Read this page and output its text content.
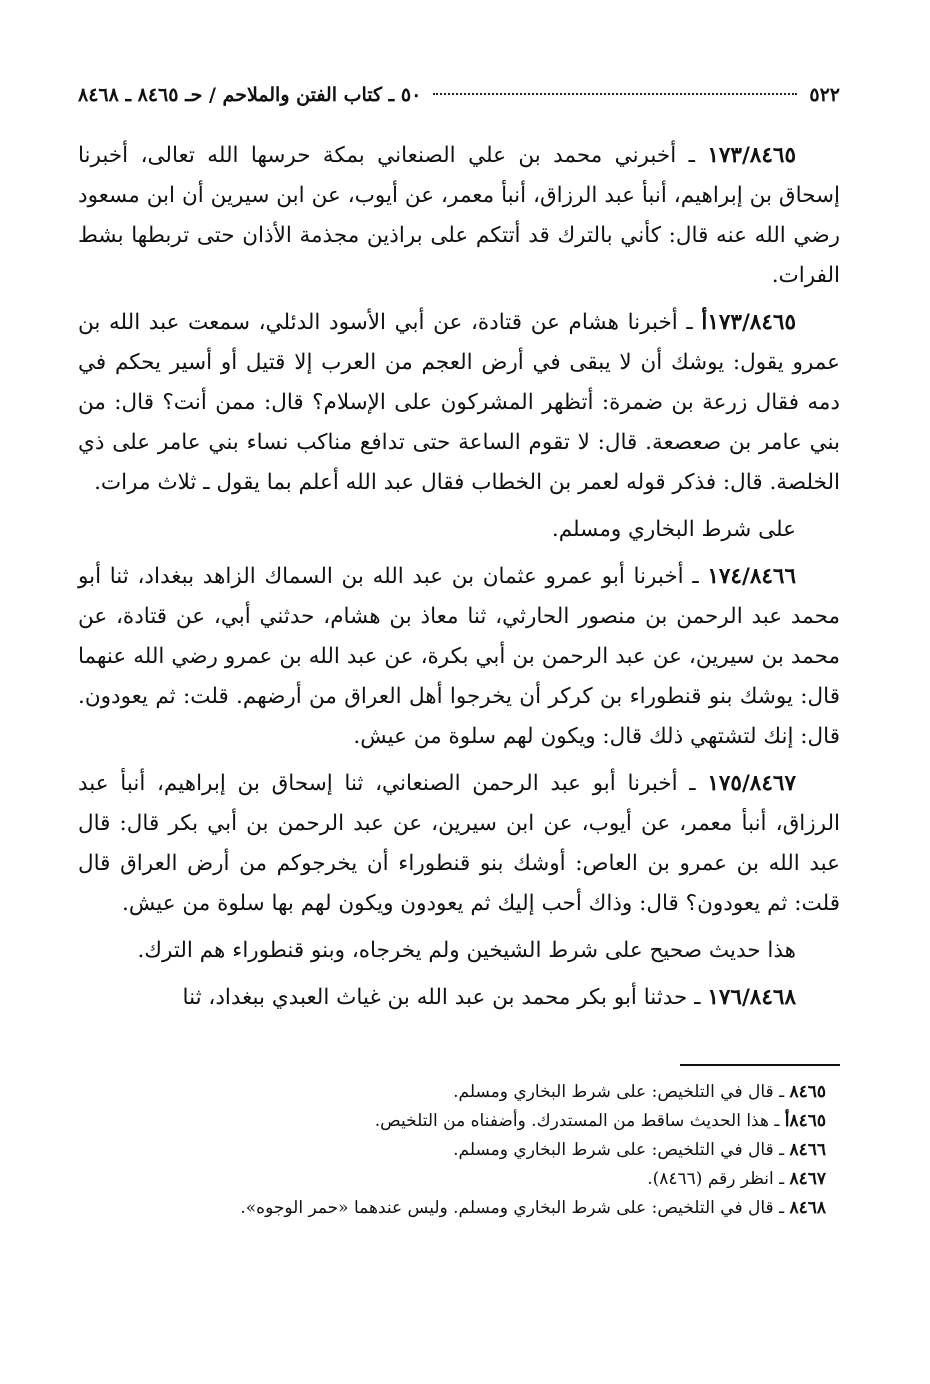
٥٢٢
٥٠ ـ كتاب الفتن والملاحم / حـ ٨٤٦٥ ـ ٨٤٦٨

١٧٣/٨٤٦٥ ـ أخبرني محمد بن علي الصنعاني بمكة حرسها الله تعالى، أخبرنا إسحاق بن إبراهيم، أنبأ عبد الرزاق، أنبأ معمر، عن أيوب، عن ابن سيرين أن ابن مسعود رضي الله عنه قال: كأني بالترك قد أتتكم على براذين مجذمة الأذان حتى تربطها بشط الفرات.

١٧٣/٨٤٦٥أ ـ أخبرنا هشام عن قتادة، عن أبي الأسود الدئلي، سمعت عبد الله بن عمرو يقول: يوشك أن لا يبقى في أرض العجم من العرب إلا قتيل أو أسير يحكم في دمه فقال زرعة بن ضمرة: أتظهر المشركون على الإسلام؟ قال: ممن أنت؟ قال: من بني عامر بن صعصعة. قال: لا تقوم الساعة حتى تدافع مناكب نساء بني عامر على ذي الخلصة. قال: فذكر قوله لعمر بن الخطاب فقال عبد الله أعلم بما يقول ـ ثلاث مرات.

على شرط البخاري ومسلم.

١٧٤/٨٤٦٦ ـ أخبرنا أبو عمرو عثمان بن عبد الله بن السماك الزاهد ببغداد، ثنا أبو محمد عبد الرحمن بن منصور الحارثي، ثنا معاذ بن هشام، حدثني أبي، عن قتادة، عن محمد بن سيرين، عن عبد الرحمن بن أبي بكرة، عن عبد الله بن عمرو رضي الله عنهما قال: يوشك بنو قنطوراء بن كركر أن يخرجوا أهل العراق من أرضهم. قلت: ثم يعودون. قال: إنك لتشتهي ذلك قال: ويكون لهم سلوة من عيش.

١٧٥/٨٤٦٧ ـ أخبرنا أبو عبد الرحمن الصنعاني، ثنا إسحاق بن إبراهيم، أنبأ عبد الرزاق، أنبأ معمر، عن أيوب، عن ابن سيرين، عن عبد الرحمن بن أبي بكر قال: قال عبد الله بن عمرو بن العاص: أوشك بنو قنطوراء أن يخرجوكم من أرض العراق قال قلت: ثم يعودون؟ قال: وذاك أحب إليك ثم يعودون ويكون لهم بها سلوة من عيش.

هذا حديث صحيح على شرط الشيخين ولم يخرجاه، وبنو قنطوراء هم الترك.

١٧٦/٨٤٦٨ ـ حدثنا أبو بكر محمد بن عبد الله بن غياث العبدي ببغداد، ثنا

٨٤٦٥ ـ قال في التلخيص: على شرط البخاري ومسلم.
٨٤٦٥أ ـ هذا الحديث ساقط من المستدرك. وأضفناه من التلخيص.
٨٤٦٦ ـ قال في التلخيص: على شرط البخاري ومسلم.
٨٤٦٧ ـ انظر رقم (٨٤٦٦).
٨٤٦٨ ـ قال في التلخيص: على شرط البخاري ومسلم. وليس عندهما «حمر الوجوه».
